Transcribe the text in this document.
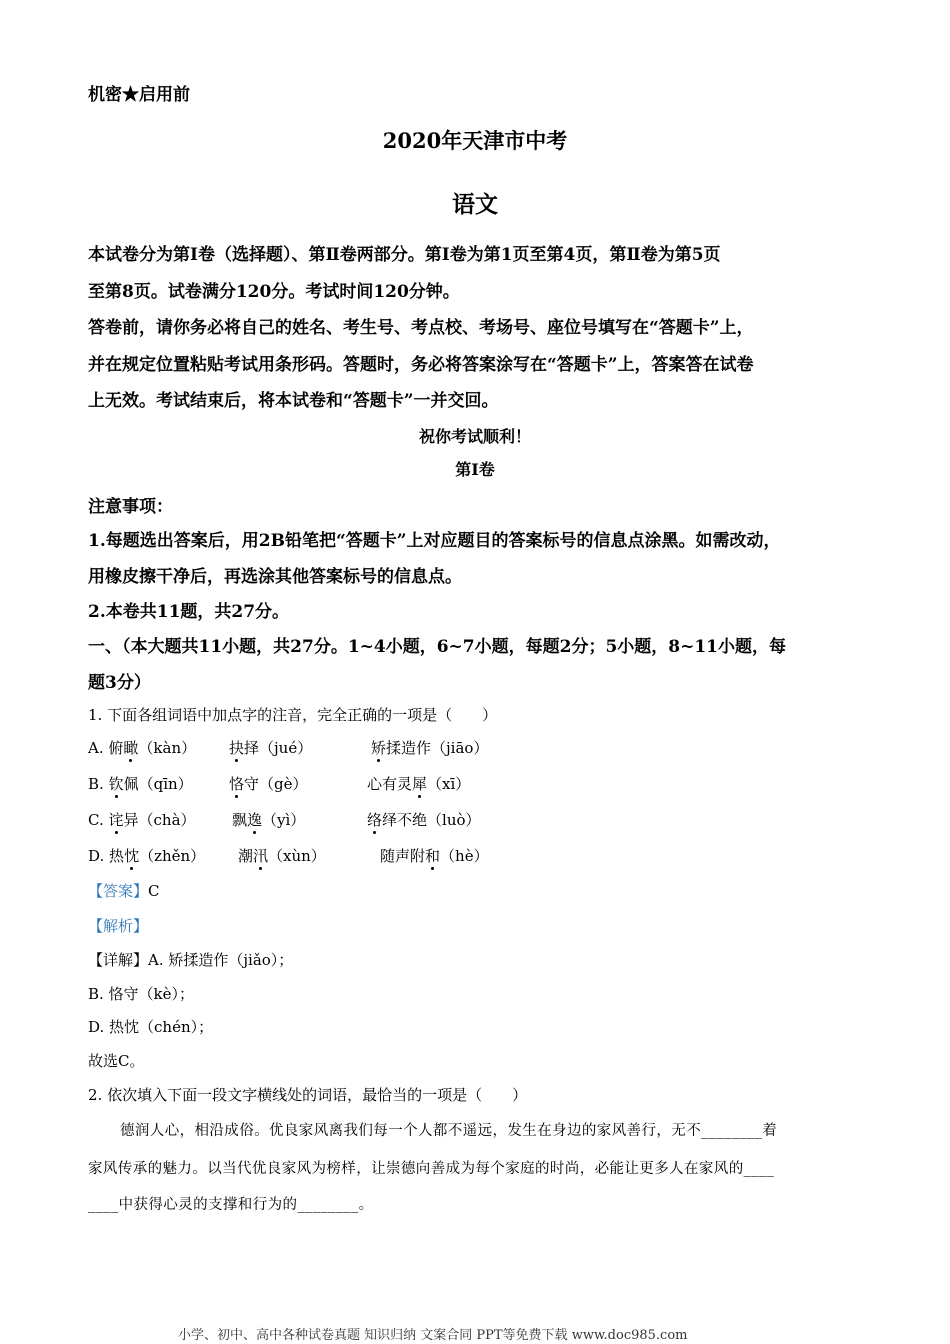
机密★启用前
2020年天津市中考
语文
本试卷分为第Ⅰ卷（选择题）、第Ⅱ卷两部分。第Ⅰ卷为第1页至第4页，第Ⅱ卷为第5页
至第8页。试卷满分120分。考试时间120分钟。
答卷前，请你务必将自己的姓名、考生号、考点校、考场号、座位号填写在“答题卡”上，
并在规定位置粘贴考试用条形码。答题时，务必将答案涂写在“答题卡”上，答案答在试卷
上无效。考试结束后，将本试卷和“答题卡”一并交回。
祝你考试顺利！
第Ⅰ卷
注意事项：
1.每题选出答案后，用2B铅笔把“答题卡”上对应题目的答案标号的信息点涂黑。如需改动，
用橡皮擦干净后，再选涂其他答案标号的信息点。
2.本卷共11题，共27分。
一、（本大题共11小题，共27分。1~4小题，6~7小题，每题2分；5小题，8~11小题，每
题3分）
1. 下面各组词语中加点字的注音，完全正确的一项是（　　）
A. 俯瞰（kàn） 抉择（jué）	矫揉造作（jiāo）
B. 钦佩（qīn） 恪守（gè）	心有灵犀（xī）
C. 诧异（chà） 飘逸（yì）	络绎不绝（luò）
D. 热忱（zhěn） 潮汛（xùn）	随声附和（hè）
【答案】C
【解析】
【详解】A. 矫揉造作（jiǎo）；
B. 恪守（kè）；
D. 热忱（chén）；
故选C。
2. 依次填入下面一段文字横线处的词语，最恰当的一项是（　　）
德润人心，相沿成俗。优良家风离我们每一个人都不遥远，发生在身边的家风善行，无不________着
家风传承的魅力。以当代优良家风为榜样，让崇德向善成为每个家庭的时尚，必能让更多人在家风的____
____中获得心灵的支撑和行为的________。
小学、初中、高中各种试卷真题 知识归纳 文案合同 PPT等免费下载 www.doc985.com
